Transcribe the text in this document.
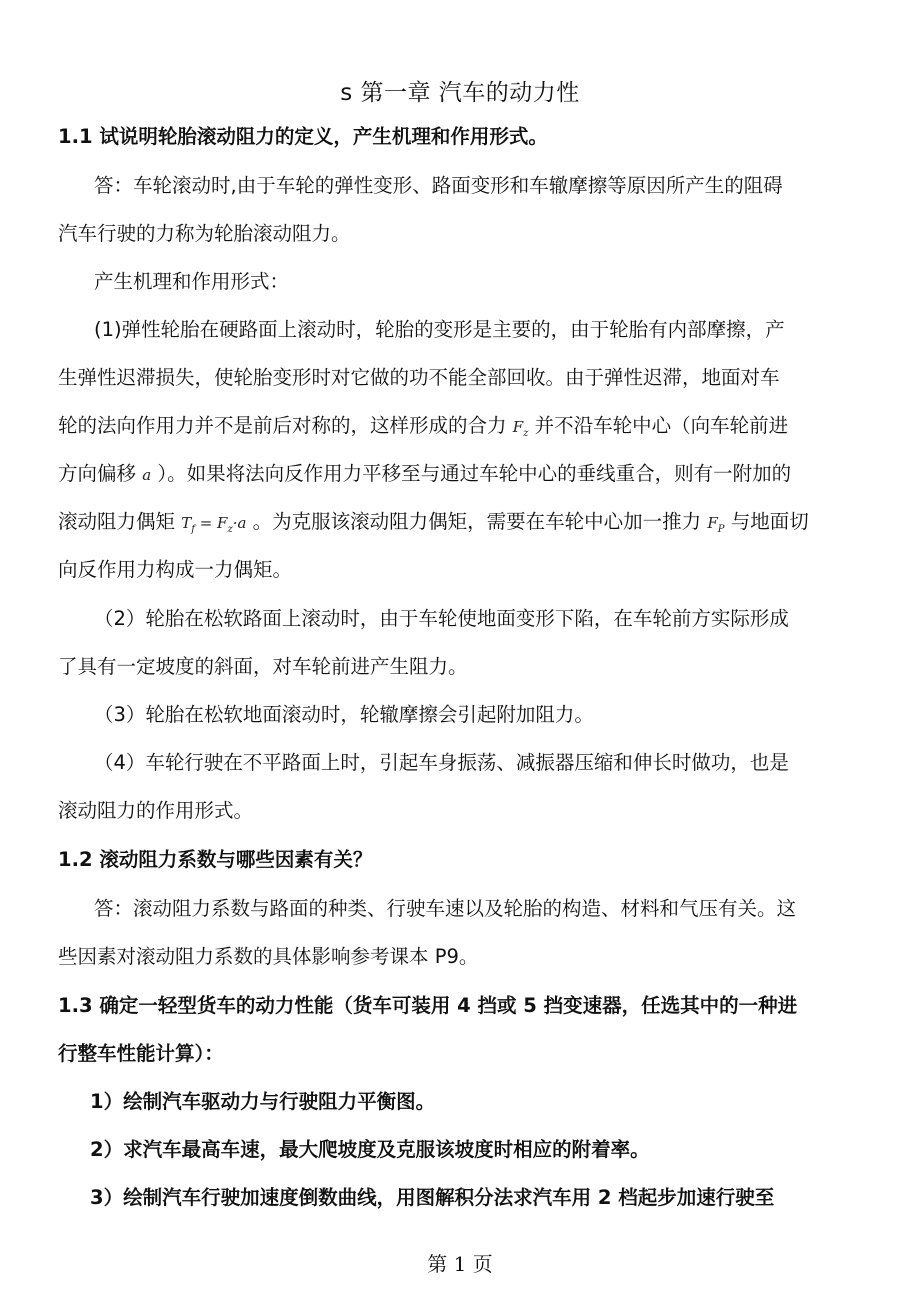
s 第一章 汽车的动力性
1.1 试说明轮胎滚动阻力的定义，产生机理和作用形式。
答：车轮滚动时,由于车轮的弹性变形、路面变形和车辙摩擦等原因所产生的阻碍
汽车行驶的力称为轮胎滚动阻力。
产生机理和作用形式：
(1)弹性轮胎在硬路面上滚动时，轮胎的变形是主要的，由于轮胎有内部摩擦，产
生弹性迟滞损失，使轮胎变形时对它做的功不能全部回收。由于弹性迟滞，地面对车
轮的法向作用力并不是前后对称的，这样形成的合力 $F_z$ 并不沿车轮中心（向车轮前进
方向偏移 a ）。如果将法向反作用力平移至与通过车轮中心的垂线重合，则有一附加的
滚动阻力偶矩 $T_f = F_z\cdot a$ 。为克服该滚动阻力偶矩，需要在车轮中心加一推力 $F_P$ 与地面切
向反作用力构成一力偶矩。
（2）轮胎在松软路面上滚动时，由于车轮使地面变形下陷，在车轮前方实际形成
了具有一定坡度的斜面，对车轮前进产生阻力。
（3）轮胎在松软地面滚动时，轮辙摩擦会引起附加阻力。
（4）车轮行驶在不平路面上时，引起车身振荡、减振器压缩和伸长时做功，也是
滚动阻力的作用形式。
1.2 滚动阻力系数与哪些因素有关？
答：滚动阻力系数与路面的种类、行驶车速以及轮胎的构造、材料和气压有关。这
些因素对滚动阻力系数的具体影响参考课本 P9。
1.3 确定一轻型货车的动力性能（货车可装用 4 挡或 5 挡变速器，任选其中的一种进
行整车性能计算）：
1）绘制汽车驱动力与行驶阻力平衡图。
2）求汽车最高车速，最大爬坡度及克服该坡度时相应的附着率。
3）绘制汽车行驶加速度倒数曲线，用图解积分法求汽车用 2 档起步加速行驶至
第 1 页
